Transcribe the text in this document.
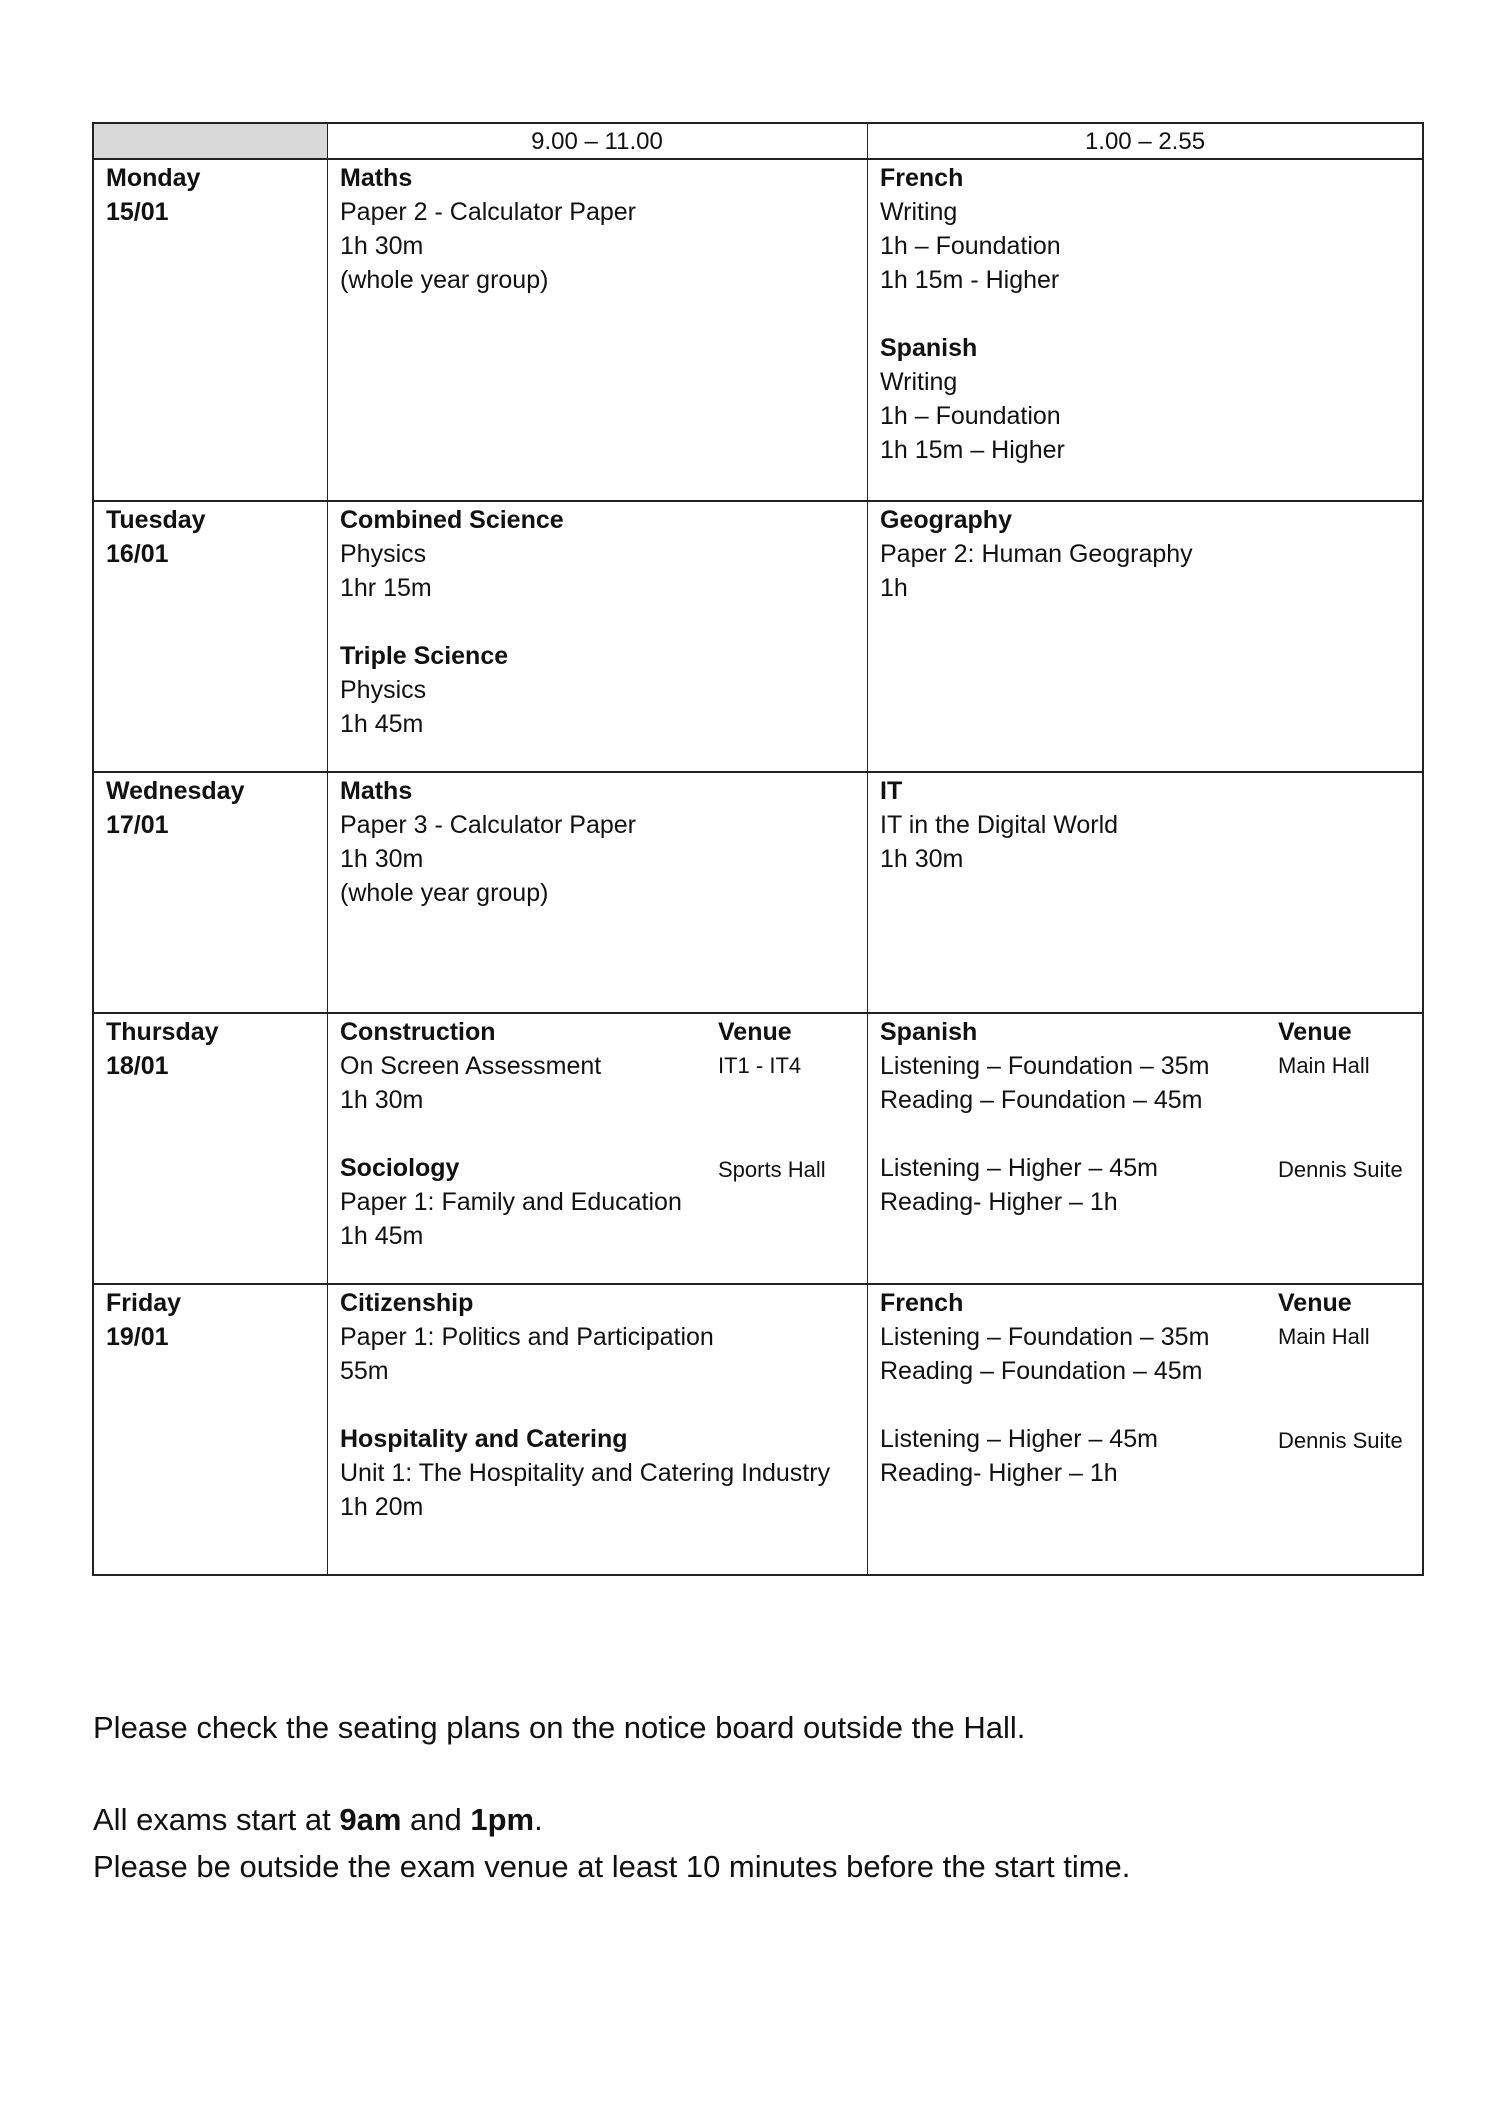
9.00 – 11.00	1.00 – 2.55
Monday
15/01
Maths
Paper 2 - Calculator Paper
1h 30m
(whole year group)
French
Writing
1h – Foundation
1h 15m - Higher
Spanish
Writing
1h – Foundation
1h 15m – Higher
Tuesday
16/01
Combined Science
Physics
1hr 15m
Triple Science
Physics
1h 45m
Geography
Paper 2: Human Geography
1h
Wednesday
17/01
Maths
Paper 3 - Calculator Paper
1h 30m
(whole year group)
IT
IT in the Digital World
1h 30m
Thursday
18/01
Construction
On Screen Assessment
1h 30m
Sociology
Paper 1: Family and Education
1h 45m
Venue
IT1 - IT4
Sports Hall
Spanish
Listening – Foundation – 35m
Reading – Foundation – 45m
Listening – Higher – 45m
Reading- Higher – 1h
Venue
Main Hall
Dennis Suite
Friday
19/01
Citizenship
Paper 1: Politics and Participation
55m
Hospitality and Catering
Unit 1: The Hospitality and Catering Industry
1h 20m
French
Listening – Foundation – 35m
Reading – Foundation – 45m
Listening – Higher – 45m
Reading- Higher – 1h
Venue
Main Hall
Dennis Suite
Please check the seating plans on the notice board outside the Hall.
All exams start at 9am and 1pm.
Please be outside the exam venue at least 10 minutes before the start time.
